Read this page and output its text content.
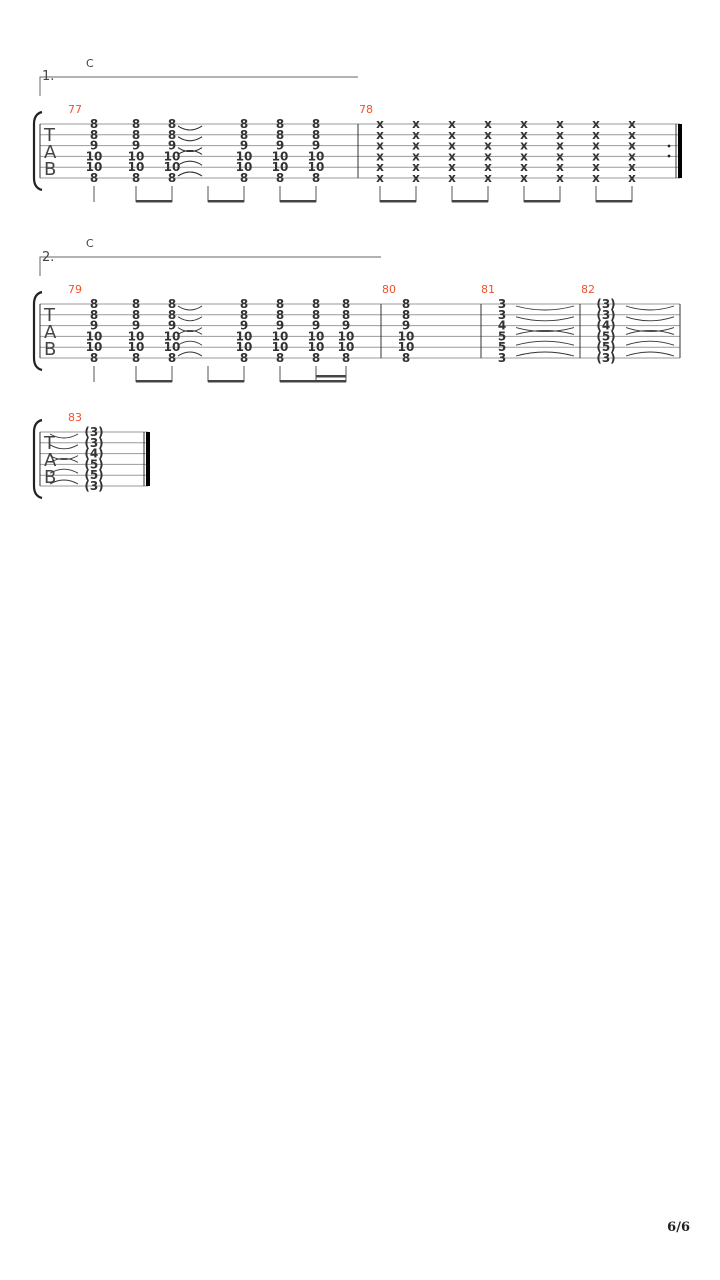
T
A
B
1.
C
77
8
8
9
10
10
8
8
8
9
10
10
8
8
8
9
10
10
8
8
8
9
10
10
8
8
8
9
10
10
8
8
8
9
10
10
8
78
x
x
x
x
x
x
x
x
x
x
x
x
x
x
x
x
x
x
x
x
x
x
x
x
x
x
x
x
x
x
x
x
x
x
x
x
x
x
x
x
x
x
x
x
x
x
x
x
T
A
B
2.
C
79
8
8
9
10
10
8
8
8
9
10
10
8
8
8
9
10
10
8
8
8
9
10
10
8
8
8
9
10
10
8
8
8
9
10
10
8
8
8
9
10
10
8
80
8
8
9
10
10
8
81
3
3
4
5
5
3
82
(3)
(3)
(4)
(5)
(5)
(3)
T
A
B
83
(3)
(3)
(4)
(5)
(5)
(3)
6/6
